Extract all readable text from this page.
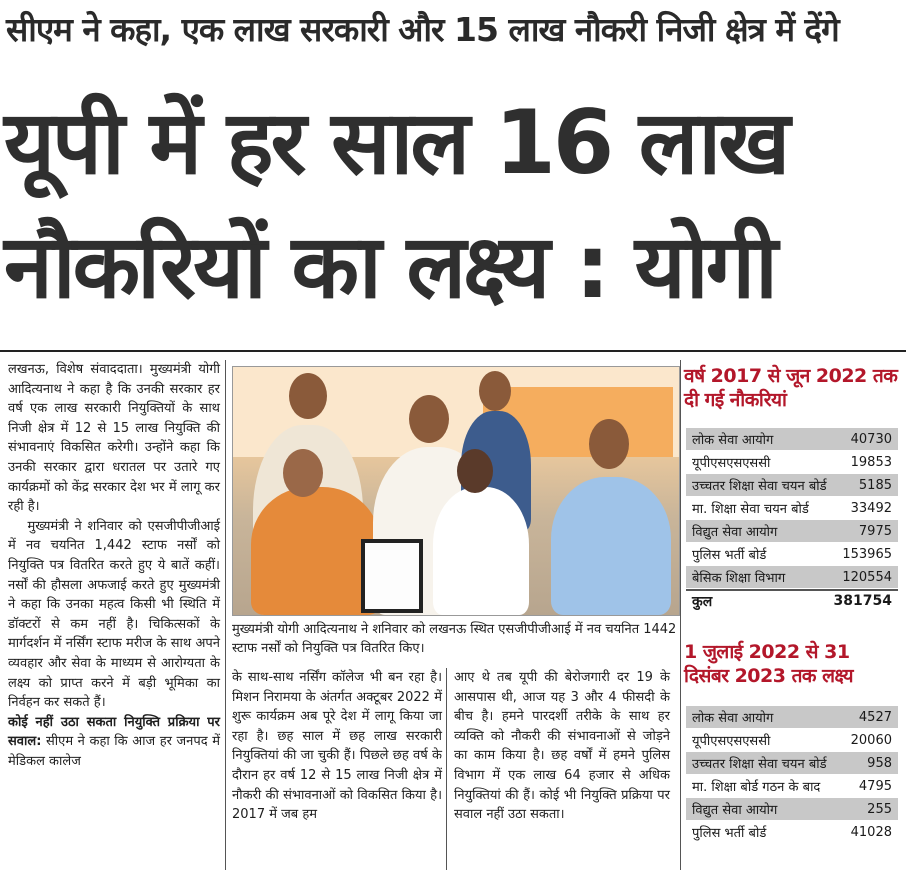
सीएम ने कहा, एक लाख सरकारी और 15 लाख नौकरी निजी क्षेत्र में देंगे
यूपी में हर साल 16 लाख
नौकरियों का लक्ष्य : योगी

लखनऊ, विशेष संवाददाता। मुख्यमंत्री योगी आदित्यनाथ ने कहा है कि उनकी सरकार हर वर्ष एक लाख सरकारी नियुक्तियों के साथ निजी क्षेत्र में 12 से 15 लाख नियुक्ति की संभावनाएं विकसित करेगी। उन्होंने कहा कि उनकी सरकार द्वारा धरातल पर उतारे गए कार्यक्रमों को केंद्र सरकार देश भर में लागू कर रही है।

मुख्यमंत्री ने शनिवार को एसजीपीजीआई में नव चयनित 1,442 स्टाफ नर्सों को नियुक्ति पत्र वितरित करते हुए ये बातें कहीं। नर्सों की हौसला अफजाई करते हुए मुख्यमंत्री ने कहा कि उनका महत्व किसी भी स्थिति में डॉक्टरों से कम नहीं है। चिकित्सकों के मार्गदर्शन में नर्सिंग स्टाफ मरीज के साथ अपने व्यवहार और सेवा के माध्यम से आरोग्यता के लक्ष्य को प्राप्त करने में बड़ी भूमिका का निर्वहन कर सकते हैं।

कोई नहीं उठा सकता नियुक्ति प्रक्रिया पर सवाल: सीएम ने कहा कि आज हर जनपद में मेडिकल कालेज

मुख्यमंत्री योगी आदित्यनाथ ने शनिवार को लखनऊ स्थित एसजीपीजीआई में नव चयनित 1442 स्टाफ नर्सों को नियुक्ति पत्र वितरित किए।

के साथ-साथ नर्सिंग कॉलेज भी बन रहा है। मिशन निरामया के अंतर्गत अक्टूबर 2022 में शुरू कार्यक्रम अब पूरे देश में लागू किया जा रहा है। छह साल में छह लाख सरकारी नियुक्तियां की जा चुकी हैं। पिछले छह वर्ष के दौरान हर वर्ष 12 से 15 लाख निजी क्षेत्र में नौकरी की संभावनाओं को विकसित किया है। 2017 में जब हम

आए थे तब यूपी की बेरोजगारी दर 19 के आसपास थी, आज यह 3 और 4 फीसदी के बीच है। हमने पारदर्शी तरीके के साथ हर व्यक्ति को नौकरी की संभावनाओं से जोड़ने का काम किया है। छह वर्षों में हमने पुलिस विभाग में एक लाख 64 हजार से अधिक नियुक्तियां की हैं। कोई भी नियुक्ति प्रक्रिया पर सवाल नहीं उठा सकता।

वर्ष 2017 से जून 2022 तक दी गई नौकरियां
लोक सेवा आयोग	40730
यूपीएसएसएससी	19853
उच्चतर शिक्षा सेवा चयन बोर्ड 5185
मा. शिक्षा सेवा चयन बोर्ड	33492
विद्युत सेवा आयोग	7975
पुलिस भर्ती बोर्ड	153965
बेसिक शिक्षा विभाग	120554
कुल	381754
1 जुलाई 2022 से 31 दिसंबर 2023 तक लक्ष्य
लोक सेवा आयोग	4527
यूपीएसएसएससी	20060
उच्चतर शिक्षा सेवा चयन बोर्ड	958
मा. शिक्षा बोर्ड गठन के बाद	4795
विद्युत सेवा आयोग	255
पुलिस भर्ती बोर्ड	41028
